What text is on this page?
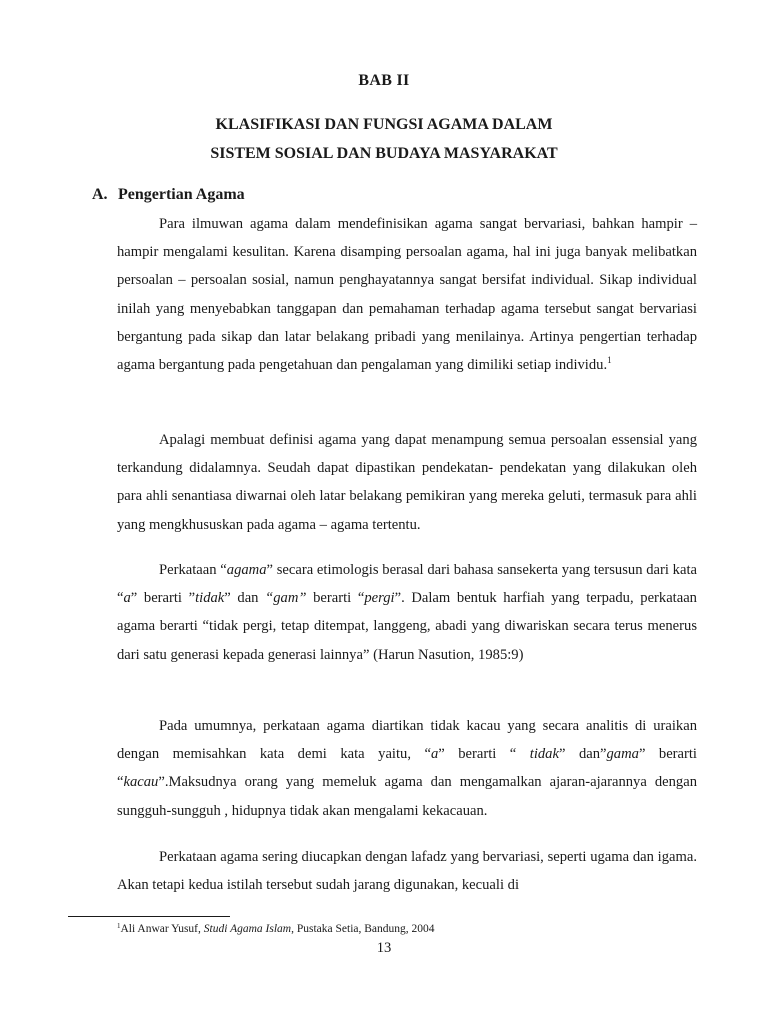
BAB II
KLASIFIKASI DAN FUNGSI AGAMA DALAM
SISTEM SOSIAL DAN BUDAYA MASYARAKAT
A. Pengertian Agama

Para ilmuwan agama dalam mendefinisikan agama sangat bervariasi, bahkan hampir – hampir mengalami kesulitan. Karena disamping persoalan agama, hal ini juga banyak melibatkan persoalan – persoalan sosial, namun penghayatannya sangat bersifat individual. Sikap individual inilah yang menyebabkan tanggapan dan pemahaman terhadap agama tersebut sangat bervariasi bergantung pada sikap dan latar belakang pribadi yang menilainya. Artinya pengertian terhadap agama bergantung pada pengetahuan dan pengalaman yang dimiliki setiap individu.$^1$

Apalagi membuat definisi agama yang dapat menampung semua persoalan essensial yang terkandung didalamnya. Seudah dapat dipastikan pendekatan- pendekatan yang dilakukan oleh para ahli senantiasa diwarnai oleh latar belakang pemikiran yang mereka geluti, termasuk para ahli yang mengkhususkan pada agama – agama tertentu.

Perkataan “agama” secara etimologis berasal dari bahasa sansekerta yang tersusun dari kata “a” berarti ”tidak” dan “gam” berarti “pergi”. Dalam bentuk harfiah yang terpadu, perkataan agama berarti “tidak pergi, tetap ditempat, langgeng, abadi yang diwariskan secara terus menerus dari satu generasi kepada generasi lainnya” (Harun Nasution, 1985:9)

Pada umumnya, perkataan agama diartikan tidak kacau yang secara analitis di uraikan dengan memisahkan kata demi kata yaitu, “a” berarti “ tidak” dan”gama” berarti “kacau”.Maksudnya orang yang memeluk agama dan mengamalkan ajaran-ajarannya dengan sungguh-sungguh , hidupnya tidak akan mengalami kekacauan.

Perkataan agama sering diucapkan dengan lafadz yang bervariasi, seperti ugama dan igama. Akan tetapi kedua istilah tersebut sudah jarang digunakan, kecuali di

$^1$Ali Anwar Yusuf, Studi Agama Islam, Pustaka Setia, Bandung, 2004
13
